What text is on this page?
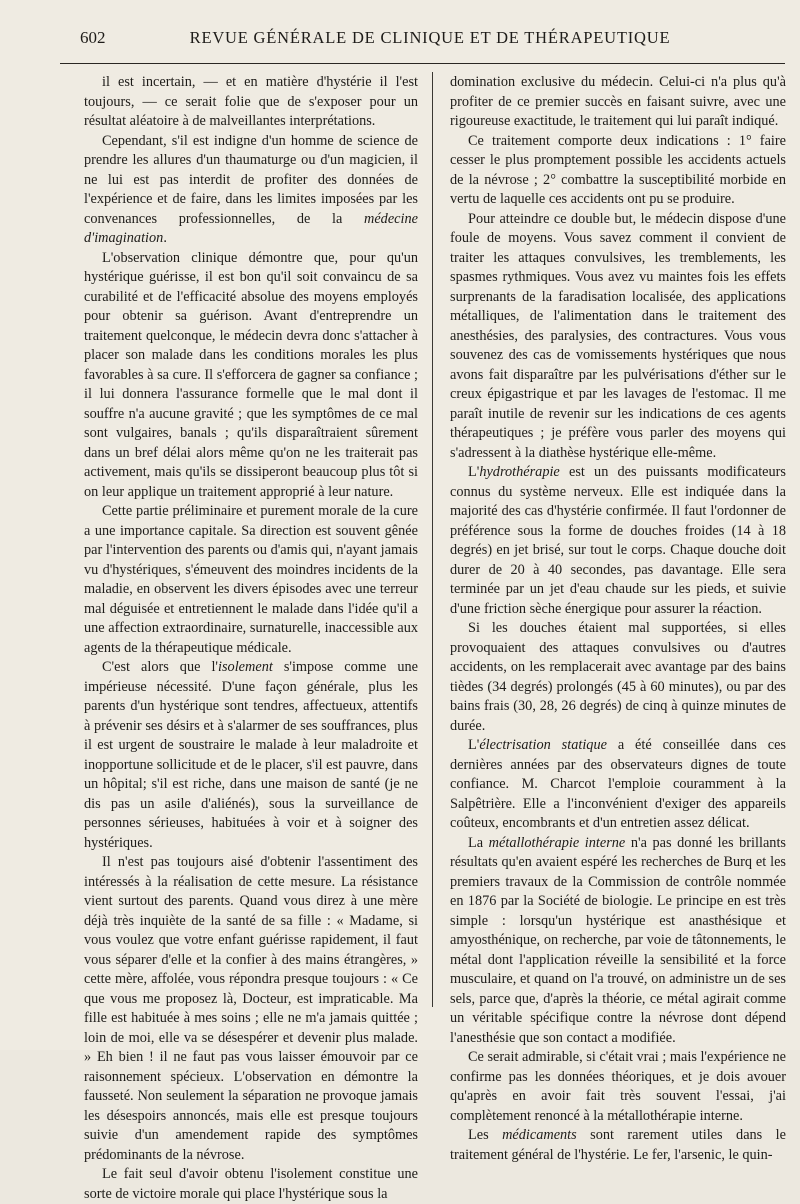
602	REVUE GÉNÉRALE DE CLINIQUE ET DE THÉRAPEUTIQUE

il est incertain, — et en matière d'hystérie il l'est toujours, — ce serait folie que de s'exposer pour un résultat aléatoire à de malveillantes interprétations.

Cependant, s'il est indigne d'un homme de science de prendre les allures d'un thaumaturge ou d'un magicien, il ne lui est pas interdit de profiter des données de l'expérience et de faire, dans les limites imposées par les convenances professionnelles, de la médecine d'imagination.

L'observation clinique démontre que, pour qu'un hystérique guérisse, il est bon qu'il soit convaincu de sa curabilité et de l'efficacité absolue des moyens employés pour obtenir sa guérison. Avant d'entreprendre un traitement quelconque, le médecin devra donc s'attacher à placer son malade dans les conditions morales les plus favorables à sa cure. Il s'efforcera de gagner sa confiance ; il lui donnera l'assurance formelle que le mal dont il souffre n'a aucune gravité ; que les symptômes de ce mal sont vulgaires, banals ; qu'ils disparaîtraient sûrement dans un bref délai alors même qu'on ne les traiterait pas activement, mais qu'ils se dissiperont beaucoup plus tôt si on leur applique un traitement approprié à leur nature.

Cette partie préliminaire et purement morale de la cure a une importance capitale. Sa direction est souvent gênée par l'intervention des parents ou d'amis qui, n'ayant jamais vu d'hystériques, s'émeuvent des moindres incidents de la maladie, en observent les divers épisodes avec une terreur mal déguisée et entretiennent le malade dans l'idée qu'il a une affection extraordinaire, surnaturelle, inaccessible aux agents de la thérapeutique médicale.

C'est alors que l'isolement s'impose comme une impérieuse nécessité. D'une façon générale, plus les parents d'un hystérique sont tendres, affectueux, attentifs à prévenir ses désirs et à s'alarmer de ses souffrances, plus il est urgent de soustraire le malade à leur maladroite et inopportune sollicitude et de le placer, s'il est pauvre, dans un hôpital; s'il est riche, dans une maison de santé (je ne dis pas un asile d'aliénés), sous la surveillance de personnes sérieuses, habituées à voir et à soigner des hystériques.

Il n'est pas toujours aisé d'obtenir l'assentiment des intéressés à la réalisation de cette mesure. La résistance vient surtout des parents. Quand vous direz à une mère déjà très inquiète de la santé de sa fille : « Madame, si vous voulez que votre enfant guérisse rapidement, il faut vous séparer d'elle et la confier à des mains étrangères, » cette mère, affolée, vous répondra presque toujours : « Ce que vous me proposez là, Docteur, est impraticable. Ma fille est habituée à mes soins ; elle ne m'a jamais quittée ; loin de moi, elle va se désespérer et devenir plus malade. » Eh bien ! il ne faut pas vous laisser émouvoir par ce raisonnement spécieux. L'observation en démontre la fausseté. Non seulement la séparation ne provoque jamais les désespoirs annoncés, mais elle est presque toujours suivie d'un amendement rapide des symptômes prédominants de la névrose.

Le fait seul d'avoir obtenu l'isolement constitue une sorte de victoire morale qui place l'hystérique sous la

domination exclusive du médecin. Celui-ci n'a plus qu'à profiter de ce premier succès en faisant suivre, avec une rigoureuse exactitude, le traitement qui lui paraît indiqué.

Ce traitement comporte deux indications : 1° faire cesser le plus promptement possible les accidents actuels de la névrose ; 2° combattre la susceptibilité morbide en vertu de laquelle ces accidents ont pu se produire.

Pour atteindre ce double but, le médecin dispose d'une foule de moyens. Vous savez comment il convient de traiter les attaques convulsives, les tremblements, les spasmes rythmiques. Vous avez vu maintes fois les effets surprenants de la faradisation localisée, des applications métalliques, de l'alimentation dans le traitement des anesthésies, des paralysies, des contractures. Vous vous souvenez des cas de vomissements hystériques que nous avons fait disparaître par les pulvérisations d'éther sur le creux épigastrique et par les lavages de l'estomac. Il me paraît inutile de revenir sur les indications de ces agents thérapeutiques ; je préfère vous parler des moyens qui s'adressent à la diathèse hystérique elle-même.

L'hydrothérapie est un des puissants modificateurs connus du système nerveux. Elle est indiquée dans la majorité des cas d'hystérie confirmée. Il faut l'ordonner de préférence sous la forme de douches froides (14 à 18 degrés) en jet brisé, sur tout le corps. Chaque douche doit durer de 20 à 40 secondes, pas davantage. Elle sera terminée par un jet d'eau chaude sur les pieds, et suivie d'une friction sèche énergique pour assurer la réaction.

Si les douches étaient mal supportées, si elles provoquaient des attaques convulsives ou d'autres accidents, on les remplacerait avec avantage par des bains tièdes (34 degrés) prolongés (45 à 60 minutes), ou par des bains frais (30, 28, 26 degrés) de cinq à quinze minutes de durée.

L'électrisation statique a été conseillée dans ces dernières années par des observateurs dignes de toute confiance. M. Charcot l'emploie couramment à la Salpêtrière. Elle a l'inconvénient d'exiger des appareils coûteux, encombrants et d'un entretien assez délicat.

La métallothérapie interne n'a pas donné les brillants résultats qu'en avaient espéré les recherches de Burq et les premiers travaux de la Commission de contrôle nommée en 1876 par la Société de biologie. Le principe en est très simple : lorsqu'un hystérique est anasthésique et amyosthénique, on recherche, par voie de tâtonnements, le métal dont l'application réveille la sensibilité et la force musculaire, et quand on l'a trouvé, on administre un de ses sels, parce que, d'après la théorie, ce métal agirait comme un véritable spécifique contre la névrose dont dépend l'anesthésie que son contact a modifiée.

Ce serait admirable, si c'était vrai ; mais l'expérience ne confirme pas les données théoriques, et je dois avouer qu'après en avoir fait très souvent l'essai, j'ai complètement renoncé à la métallothérapie interne.

Les médicaments sont rarement utiles dans le traitement général de l'hystérie. Le fer, l'arsenic, le quin-
